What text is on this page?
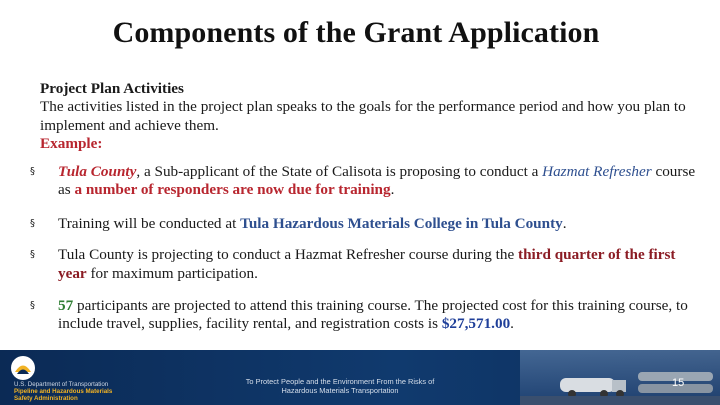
Components of the Grant Application
Project Plan Activities
The activities listed in the project plan speaks to the goals for the performance period and how you plan to implement and achieve them.
Example:
§ Tula County, a Sub-applicant of the State of Calisota is proposing to conduct a Hazmat Refresher course as a number of responders are now due for training.
§ Training will be conducted at Tula Hazardous Materials College in Tula County.
§ Tula County is projecting to conduct a Hazmat Refresher course during the third quarter of the first year for maximum participation.
§ 57 participants are projected to attend this training course. The projected cost for this training course, to include travel, supplies, facility rental, and registration costs is $27,571.00.
U.S. Department of Transportation
Pipeline and Hazardous Materials
Safety Administration
To Protect People and the Environment From the Risks of
Hazardous Materials Transportation
15
